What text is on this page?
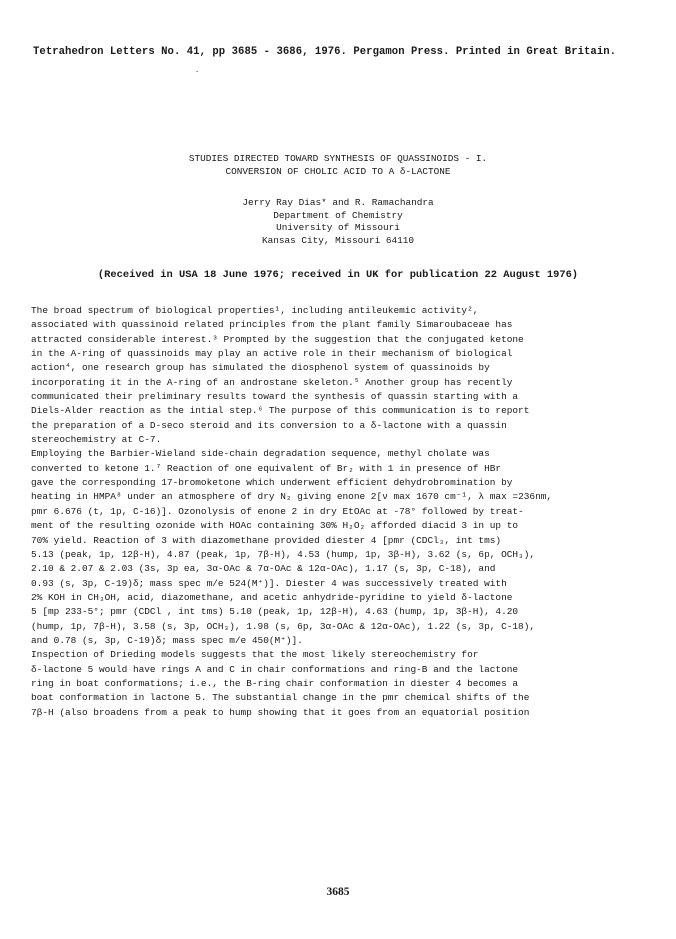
Tetrahedron Letters No. 41, pp 3685 - 3686, 1976. Pergamon Press. Printed in Great Britain.
·
STUDIES DIRECTED TOWARD SYNTHESIS OF QUASSINOIDS - I.
CONVERSION OF CHOLIC ACID TO A δ-LACTONE
Jerry Ray Dias* and R. Ramachandra
Department of Chemistry
University of Missouri
Kansas City, Missouri 64110
(Received in USA 18 June 1976; received in UK for publication 22 August 1976)
The broad spectrum of biological properties¹, including antileukemic activity²,
associated with quassinoid related principles from the plant family Simaroubaceae has
attracted considerable interest.³ Prompted by the suggestion that the conjugated ketone
in the A-ring of quassinoids may play an active role in their mechanism of biological
action⁴, one research group has simulated the diosphenol system of quassinoids by
incorporating it in the A-ring of an androstane skeleton.⁵ Another group has recently
communicated their preliminary results toward the synthesis of quassin starting with a
Diels-Alder reaction as the intial step.⁶ The purpose of this communication is to report
the preparation of a D-seco steroid and its conversion to a δ-lactone with a quassin
stereochemistry at C-7.
Employing the Barbier-Wieland side-chain degradation sequence, methyl cholate was
converted to ketone 1.⁷ Reaction of one equivalent of Br₂ with 1 in presence of HBr
gave the corresponding 17-bromoketone which underwent efficient dehydrobromination by
heating in HMPA⁸ under an atmosphere of dry N₂ giving enone 2[ν max 1670 cm⁻¹, λ max =236nm,
pmr 6.676 (t, 1p, C-16)]. Ozonolysis of enone 2 in dry EtOAc at -78° followed by treat-
ment of the resulting ozonide with HOAc containing 30% H₂O₂ afforded diacid 3 in up to
70% yield. Reaction of 3 with diazomethane provided diester 4 [pmr (CDCl₃, int tms)
5.13 (peak, 1p, 12β-H), 4.87 (peak, 1p, 7β-H), 4.53 (hump, 1p, 3β-H), 3.62 (s, 6p, OCH₃),
2.10 & 2.07 & 2.03 (3s, 3p ea, 3α-OAc & 7α-OAc & 12α-OAc), 1.17 (s, 3p, C-18), and
0.93 (s, 3p, C-19)δ; mass spec m/e 524(M⁺)]. Diester 4 was successively treated with
2% KOH in CH₃OH, acid, diazomethane, and acetic anhydride-pyridine to yield δ-lactone
5 [mp 233-5°; pmr (CDCl , int tms) 5.10 (peak, 1p, 12β-H), 4.63 (hump, 1p, 3β-H), 4.20
(hump, 1p, 7β-H), 3.58 (s, 3p, OCH₃), 1.98 (s, 6p, 3α-OAc & 12α-OAc), 1.22 (s, 3p, C-18),
and 0.78 (s, 3p, C-19)δ; mass spec m/e 450(M⁺)].
Inspection of Drieding models suggests that the most likely stereochemistry for
δ-lactone 5 would have rings A and C in chair conformations and ring-B and the lactone
ring in boat conformations; i.e., the B-ring chair conformation in diester 4 becomes a
boat conformation in lactone 5. The substantial change in the pmr chemical shifts of the
7β-H (also broadens from a peak to hump showing that it goes from an equatorial position
3685
